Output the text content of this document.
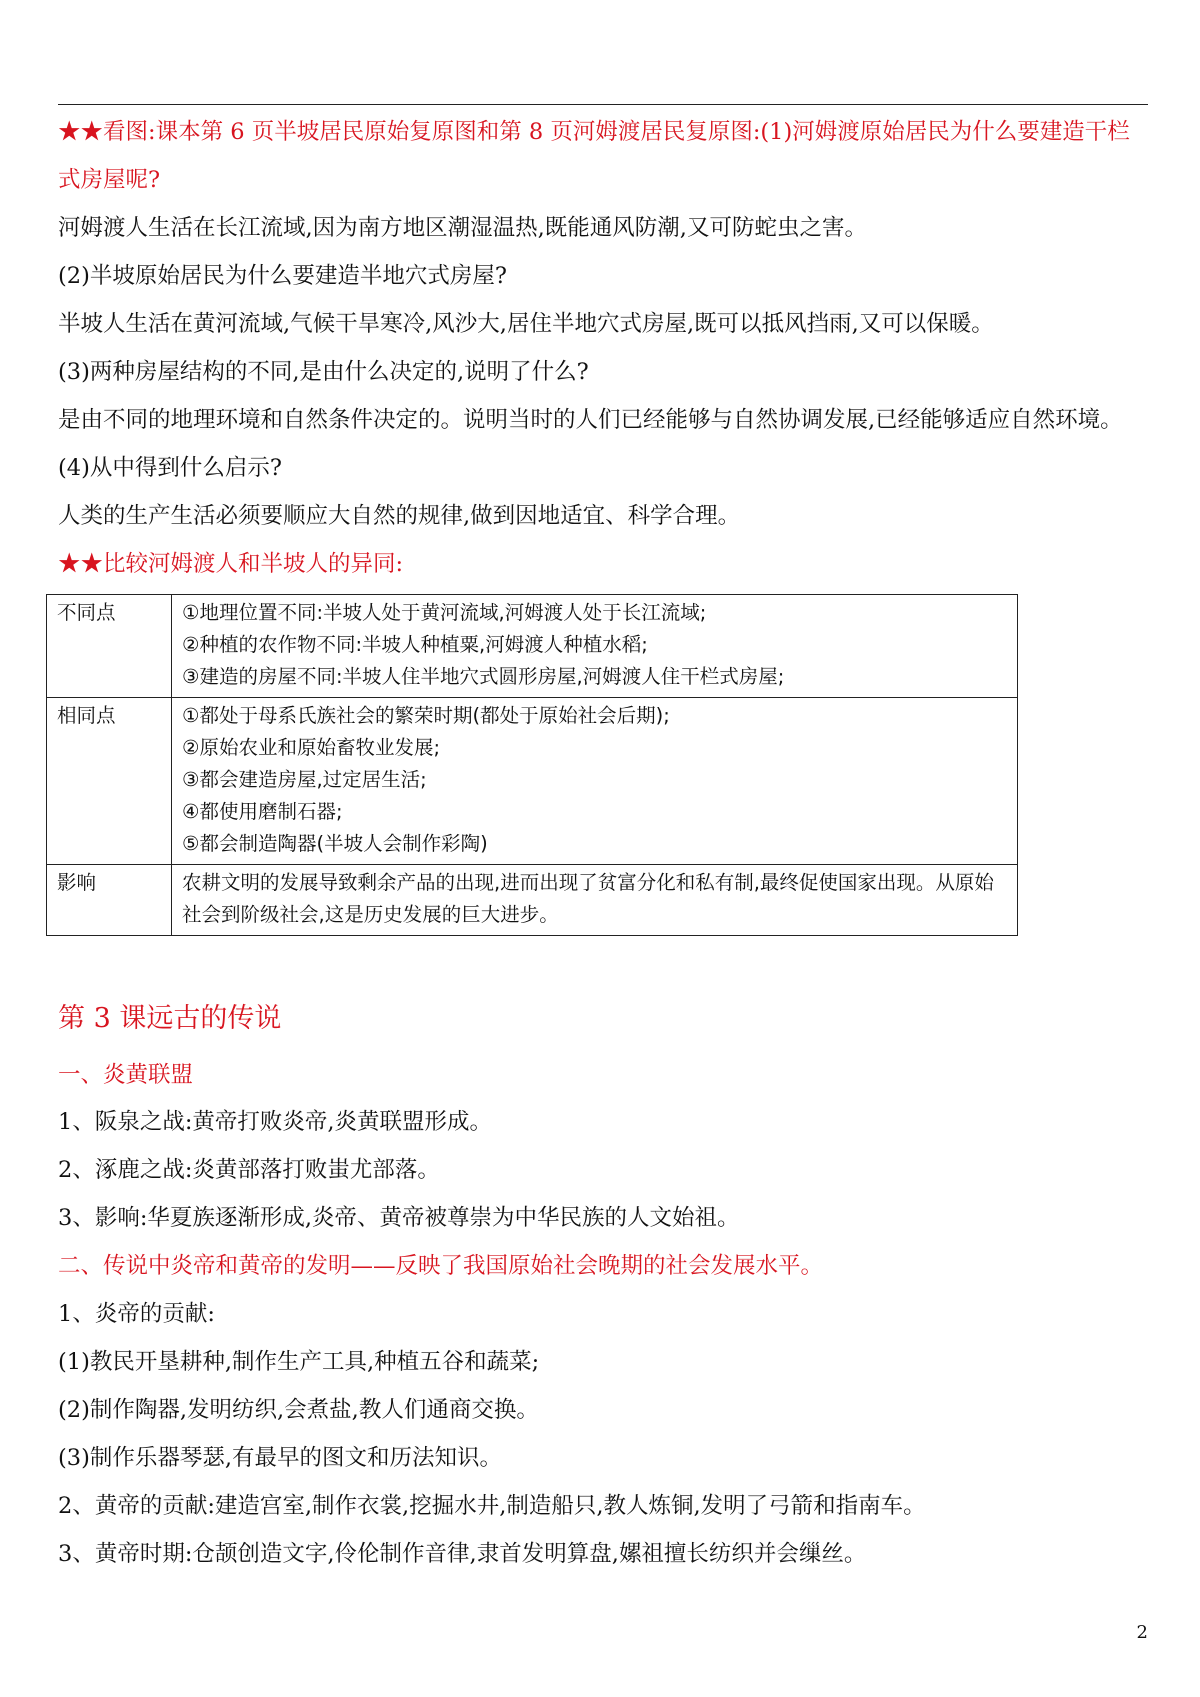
★★看图:课本第 6 页半坡居民原始复原图和第 8 页河姆渡居民复原图:(1)河姆渡原始居民为什么要建造干栏式房屋呢?

河姆渡人生活在长江流域,因为南方地区潮湿温热,既能通风防潮,又可防蛇虫之害。

(2)半坡原始居民为什么要建造半地穴式房屋?

半坡人生活在黄河流域,气候干旱寒冷,风沙大,居住半地穴式房屋,既可以抵风挡雨,又可以保暖。

(3)两种房屋结构的不同,是由什么决定的,说明了什么?

是由不同的地理环境和自然条件决定的。说明当时的人们已经能够与自然协调发展,已经能够适应自然环境。

(4)从中得到什么启示?

人类的生产生活必须要顺应大自然的规律,做到因地适宜、科学合理。

★★比较河姆渡人和半坡人的异同:

不同点	①地理位置不同:半坡人处于黄河流域,河姆渡人处于长江流域;
②种植的农作物不同:半坡人种植粟,河姆渡人种植水稻;
③建造的房屋不同:半坡人住半地穴式圆形房屋,河姆渡人住干栏式房屋;

相同点	①都处于母系氏族社会的繁荣时期(都处于原始社会后期);
②原始农业和原始畜牧业发展;
③都会建造房屋,过定居生活;
④都使用磨制石器;
⑤都会制造陶器(半坡人会制作彩陶)

影响	农耕文明的发展导致剩余产品的出现,进而出现了贫富分化和私有制,最终促使国家出现。从原始社会到阶级社会,这是历史发展的巨大进步。

第 3 课远古的传说

一、炎黄联盟

1、阪泉之战:黄帝打败炎帝,炎黄联盟形成。

2、涿鹿之战:炎黄部落打败蚩尤部落。

3、影响:华夏族逐渐形成,炎帝、黄帝被尊崇为中华民族的人文始祖。

二、传说中炎帝和黄帝的发明——反映了我国原始社会晚期的社会发展水平。

1、炎帝的贡献:

(1)教民开垦耕种,制作生产工具,种植五谷和蔬菜;

(2)制作陶器,发明纺织,会煮盐,教人们通商交换。

(3)制作乐器琴瑟,有最早的图文和历法知识。

2、黄帝的贡献:建造宫室,制作衣裳,挖掘水井,制造船只,教人炼铜,发明了弓箭和指南车。

3、黄帝时期:仓颉创造文字,伶伦制作音律,隶首发明算盘,嫘祖擅长纺织并会缫丝。

2
